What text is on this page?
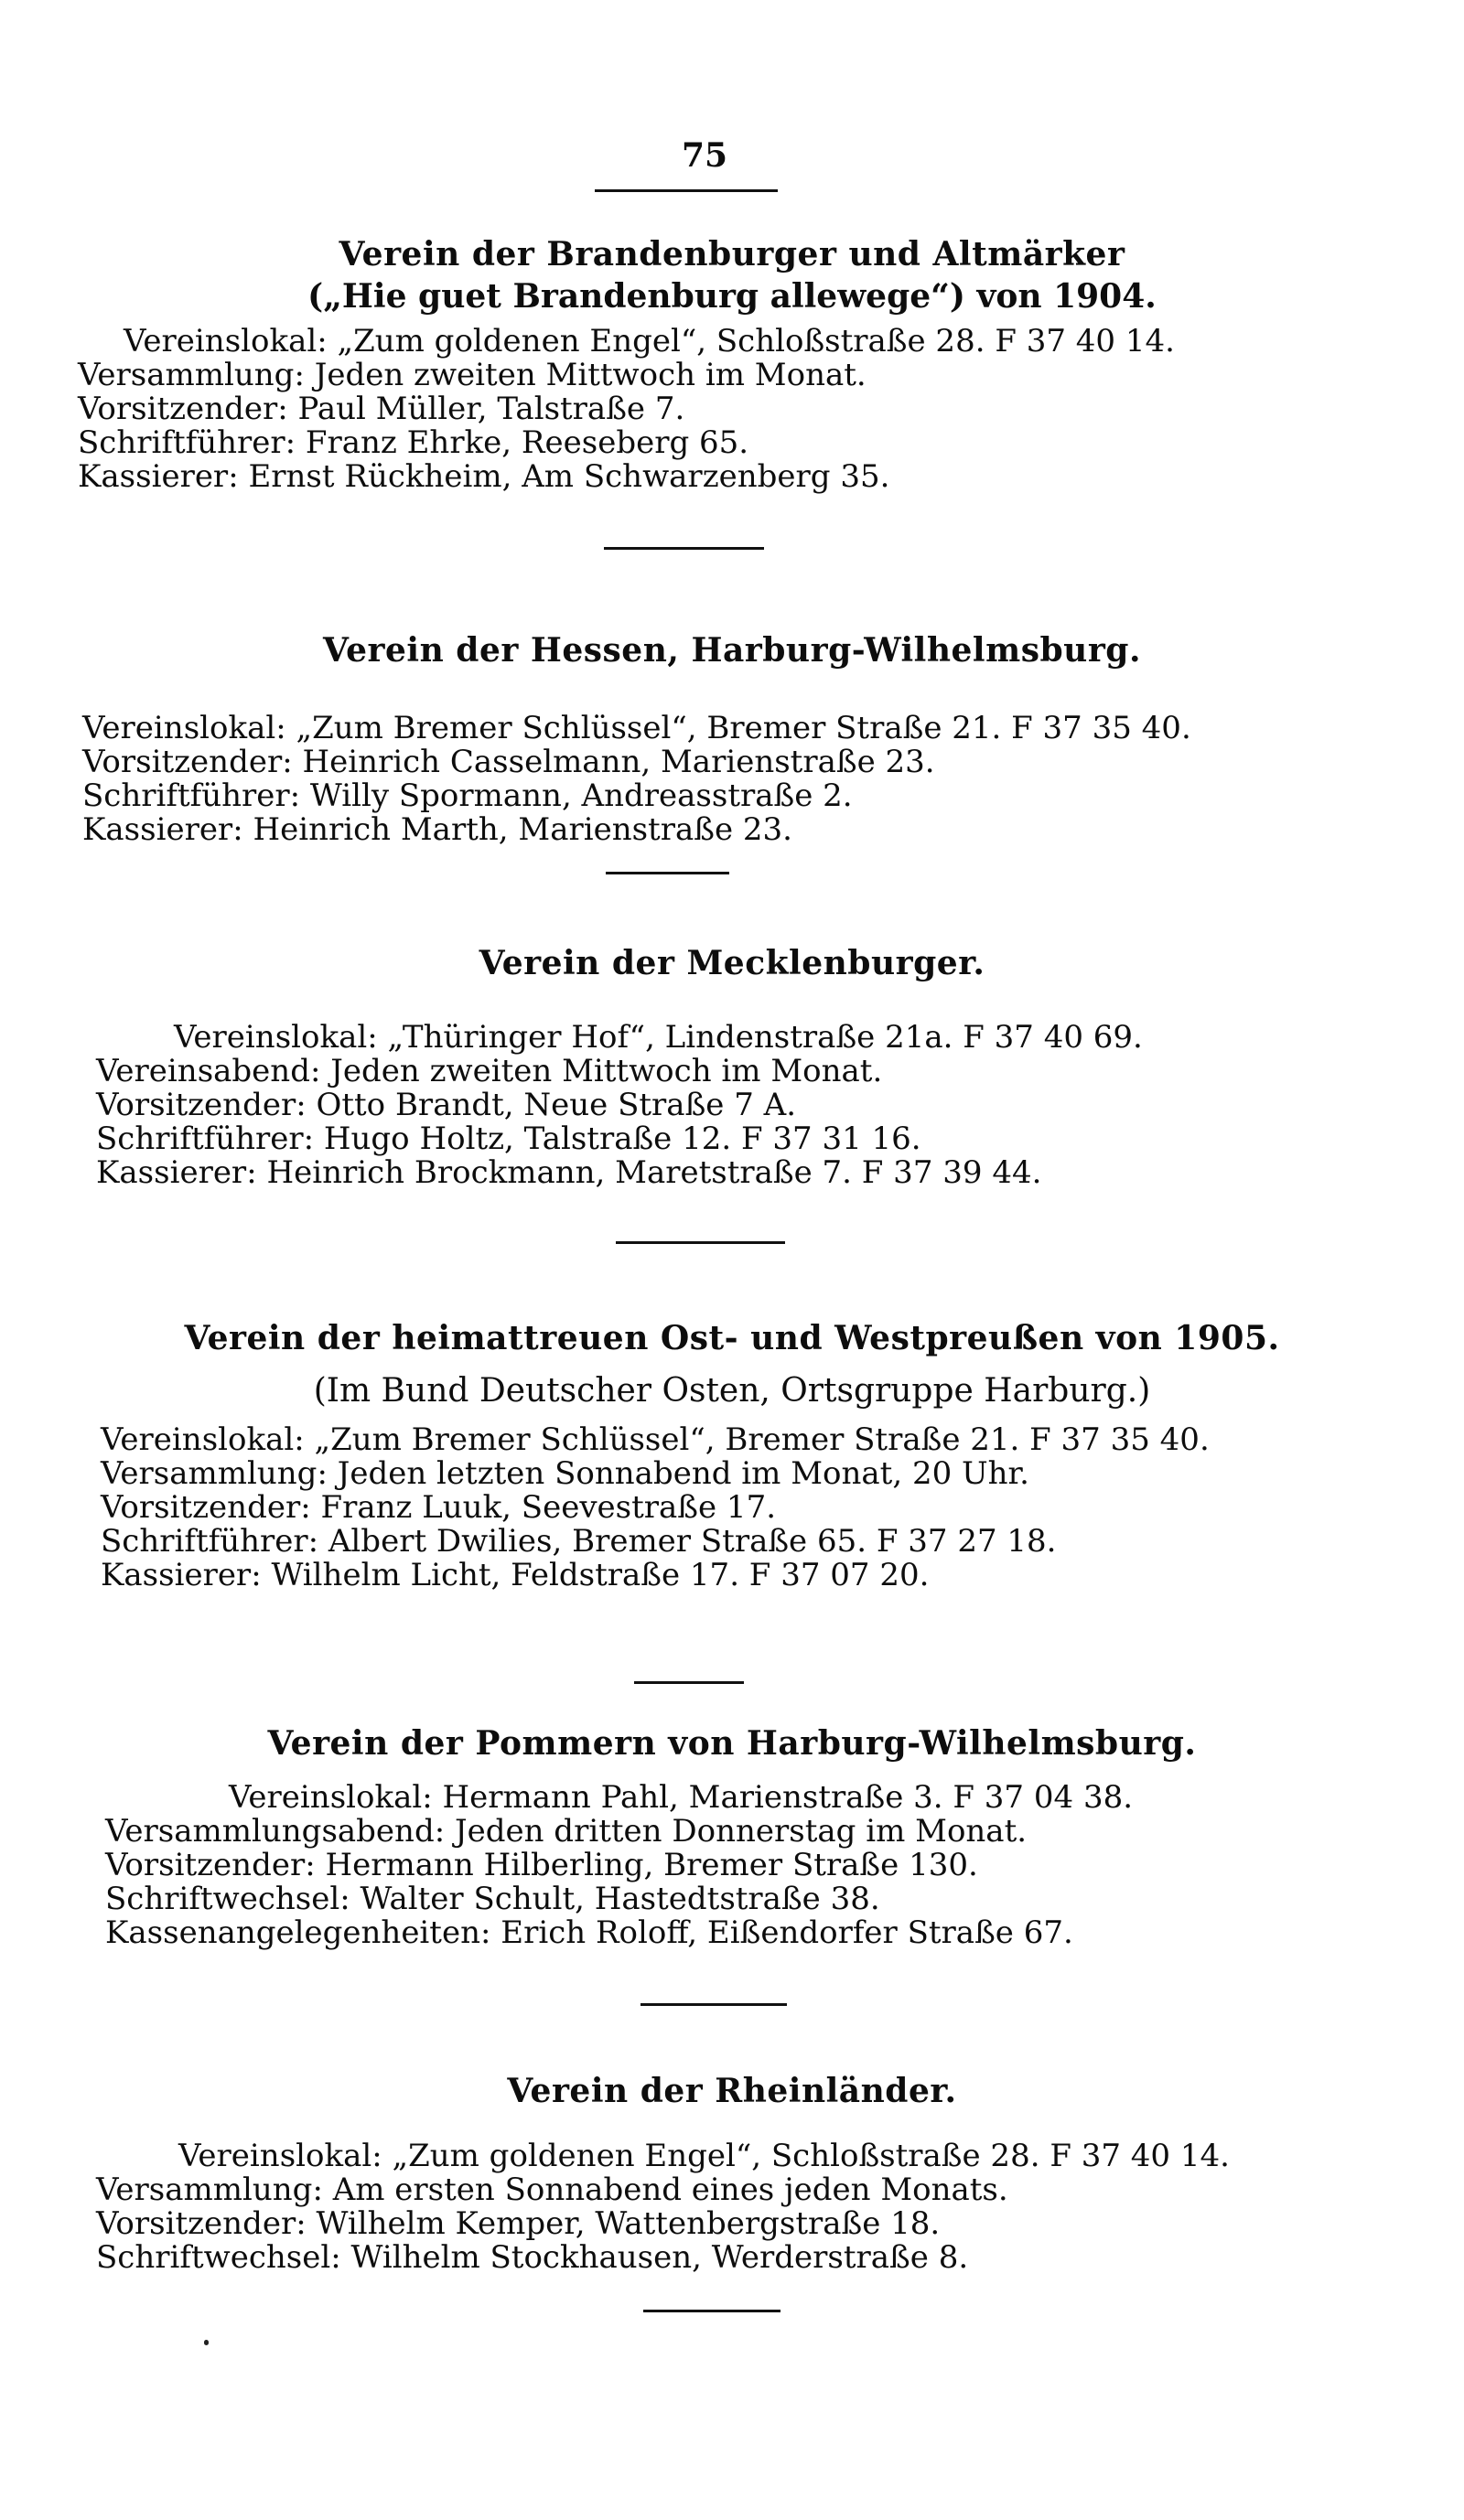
75

Verein der Brandenburger und Altmärker

(„Hie guet Brandenburg allewege“) von 1904.

Vereinslokal: „Zum goldenen Engel“, Schloßstraße 28. F 37 40 14.
Versammlung: Jeden zweiten Mittwoch im Monat.
Vorsitzender: Paul Müller, Talstraße 7.
Schriftführer: Franz Ehrke, Reeseberg 65.
Kassierer: Ernst Rückheim, Am Schwarzenberg 35.

Verein der Hessen, Harburg-Wilhelmsburg.

Vereinslokal: „Zum Bremer Schlüssel“, Bremer Straße 21. F 37 35 40.
Vorsitzender: Heinrich Casselmann, Marienstraße 23.
Schriftführer: Willy Spormann, Andreasstraße 2.
Kassierer: Heinrich Marth, Marienstraße 23.

Verein der Mecklenburger.

Vereinslokal: „Thüringer Hof“, Lindenstraße 21a. F 37 40 69.
Vereinsabend: Jeden zweiten Mittwoch im Monat.
Vorsitzender: Otto Brandt, Neue Straße 7 A.
Schriftführer: Hugo Holtz, Talstraße 12. F 37 31 16.
Kassierer: Heinrich Brockmann, Maretstraße 7. F 37 39 44.

Verein der heimattreuen Ost- und Westpreußen von 1905.

(Im Bund Deutscher Osten, Ortsgruppe Harburg.)

Vereinslokal: „Zum Bremer Schlüssel“, Bremer Straße 21. F 37 35 40.
Versammlung: Jeden letzten Sonnabend im Monat, 20 Uhr.
Vorsitzender: Franz Luuk, Seevestraße 17.
Schriftführer: Albert Dwilies, Bremer Straße 65. F 37 27 18.
Kassierer: Wilhelm Licht, Feldstraße 17. F 37 07 20.

Verein der Pommern von Harburg-Wilhelmsburg.

Vereinslokal: Hermann Pahl, Marienstraße 3. F 37 04 38.
Versammlungsabend: Jeden dritten Donnerstag im Monat.
Vorsitzender: Hermann Hilberling, Bremer Straße 130.
Schriftwechsel: Walter Schult, Hastedtstraße 38.
Kassenangelegenheiten: Erich Roloff, Eißendorfer Straße 67.

Verein der Rheinländer.

Vereinslokal: „Zum goldenen Engel“, Schloßstraße 28. F 37 40 14.
Versammlung: Am ersten Sonnabend eines jeden Monats.
Vorsitzender: Wilhelm Kemper, Wattenbergstraße 18.
Schriftwechsel: Wilhelm Stockhausen, Werderstraße 8.
